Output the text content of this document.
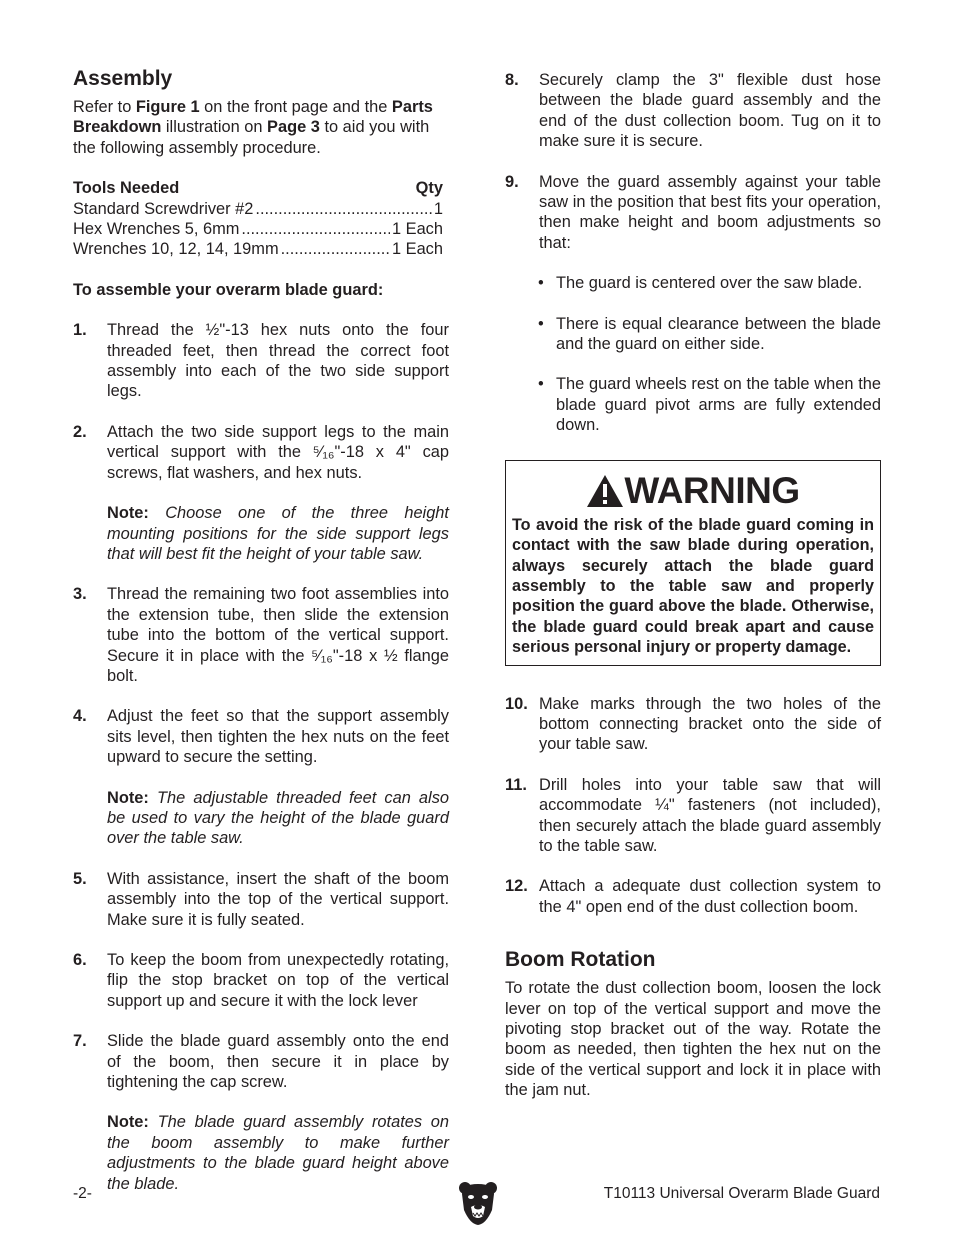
Assembly

Refer to Figure 1 on the front page and the Parts Breakdown illustration on Page 3 to aid you with the following assembly procedure.

Tools Needed	Qty
Standard Screwdriver #2 .....	1
Hex Wrenches 5, 6mm .....	1 Each
Wrenches 10, 12, 14, 19mm .....	1 Each

To assemble your overarm blade guard:

1.	Thread the ½"-13 hex nuts onto the four threaded feet, then thread the correct foot assembly into each of the two side support legs.
2.	Attach the two side support legs to the main vertical support with the ⁵⁄₁₆"-18 x 4" cap screws, flat washers, and hex nuts.

Note: Choose one of the three height mounting positions for the side support legs that will best fit the height of your table saw.

3.	Thread the remaining two foot assemblies into the extension tube, then slide the extension tube into the bottom of the vertical support. Secure it in place with the ⁵⁄₁₆"-18 x ½ flange bolt.
4.	Adjust the feet so that the support assembly sits level, then tighten the hex nuts on the feet upward to secure the setting.

Note: The adjustable threaded feet can also be used to vary the height of the blade guard over the table saw.

5.	With assistance, insert the shaft of the boom assembly into the top of the vertical support. Make sure it is fully seated.
6.	To keep the boom from unexpectedly rotating, flip the stop bracket on top of the vertical support up and secure it with the lock lever
7.	Slide the blade guard assembly onto the end of the boom, then secure it in place by tightening the cap screw.

Note: The blade guard assembly rotates on the boom assembly to make further adjustments to the blade guard height above the blade.

8.	Securely clamp the 3" flexible dust hose between the blade guard assembly and the end of the dust collection boom. Tug on it to make sure it is secure.
9.	Move the guard assembly against your table saw in the position that best fits your operation, then make height and boom adjustments so that:
• The guard is centered over the saw blade.
• There is equal clearance between the blade and the guard on either side.
• The guard wheels rest on the table when the blade guard pivot arms are fully extended down.
WARNING

To avoid the risk of the blade guard coming in contact with the saw blade during operation, always securely attach the blade guard assembly to the table saw and properly position the guard above the blade. Otherwise, the blade guard could break apart and cause serious personal injury or property damage.

10. Make marks through the two holes of the bottom connecting bracket onto the side of your table saw.
11. Drill holes into your table saw that will accommodate ¼" fasteners (not included), then securely attach the blade guard assembly to the table saw.
12. Attach a adequate dust collection system to the 4" open end of the dust collection boom.
Boom Rotation

To rotate the dust collection boom, loosen the lock lever on top of the vertical support and move the pivoting stop bracket out of the way. Rotate the boom as needed, then tighten the hex nut on the side of the vertical support and lock it in place with the jam nut.

-2-	T10113 Universal Overarm Blade Guard
